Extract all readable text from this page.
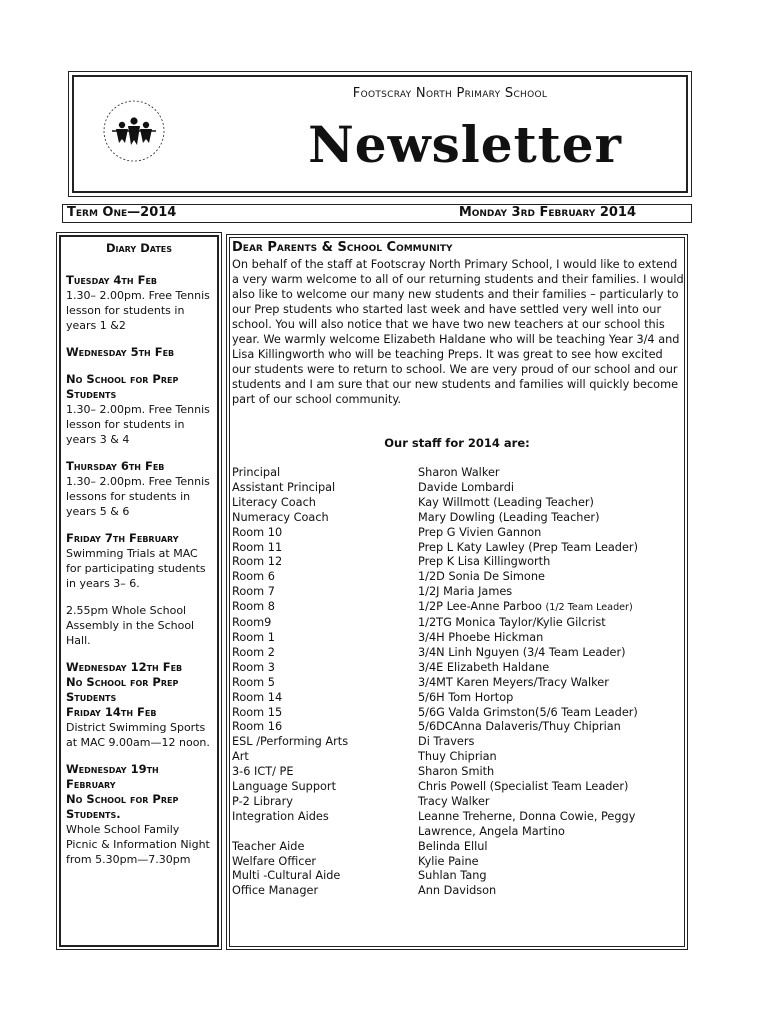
Footscray North Primary School
Newsletter
Term One—2014	Monday 3rd February 2014
Diary Dates
Tuesday 4th Feb
1.30– 2.00pm. Free Tennis lesson for students in years 1 &2
Wednesday 5th Feb
No School for Prep Students
1.30– 2.00pm. Free Tennis lesson for students in years 3 & 4
Thursday 6th Feb
1.30– 2.00pm. Free Tennis lessons for students in years 5 & 6
Friday 7th February
Swimming Trials at MAC for participating students in years 3– 6.
2.55pm Whole School Assembly in the School Hall.
Wednesday 12th Feb
No School for Prep Students
Friday 14th Feb
District Swimming Sports at MAC 9.00am—12 noon.
Wednesday 19th February
No School for Prep Students.
Whole School Family Picnic & Information Night from 5.30pm—7.30pm
Dear Parents & School Community
On behalf of the staff at Footscray North Primary School, I would like to extend a very warm welcome to all of our returning students and their families. I would also like to welcome our many new students and their families – particularly to our Prep students who started last week and have settled very well into our school. You will also notice that we have two new teachers at our school this year. We warmly welcome Elizabeth Haldane who will be teaching Year 3/4 and Lisa Killingworth who will be teaching Preps. It was great to see how excited our students were to return to school. We are very proud of our school and our students and I am sure that our new students and families will quickly become part of our school community.
Our staff for 2014 are:
Principal	Sharon Walker
Assistant Principal	Davide Lombardi
Literacy Coach	Kay Willmott (Leading Teacher)
Numeracy Coach	Mary Dowling (Leading Teacher)
Room 10	Prep G Vivien Gannon
Room 11	Prep L Katy Lawley (Prep Team Leader)
Room 12	Prep K Lisa Killingworth
Room 6	1/2D Sonia De Simone
Room 7	1/2J Maria James
Room 8	1/2P Lee-Anne Parboo (1/2 Team Leader)
Room9	1/2TG Monica Taylor/Kylie Gilcrist
Room 1	3/4H Phoebe Hickman
Room 2	3/4N Linh Nguyen (3/4 Team Leader)
Room 3	3/4E Elizabeth Haldane
Room 5	3/4MT Karen Meyers/Tracy Walker
Room 14	5/6H Tom Hortop
Room 15	5/6G Valda Grimston(5/6 Team Leader)
Room 16	5/6DCAnna Dalaveris/Thuy Chiprian
ESL /Performing Arts	Di Travers
Art	Thuy Chiprian
3-6 ICT/ PE	Sharon Smith
Language Support	Chris Powell (Specialist Team Leader)
P-2 Library	Tracy Walker
Integration Aides	Leanne Treherne, Donna Cowie, Peggy Lawrence, Angela Martino
Teacher Aide	Belinda Ellul
Welfare Officer	Kylie Paine
Multi -Cultural Aide	Suhlan Tang
Office Manager	Ann Davidson
